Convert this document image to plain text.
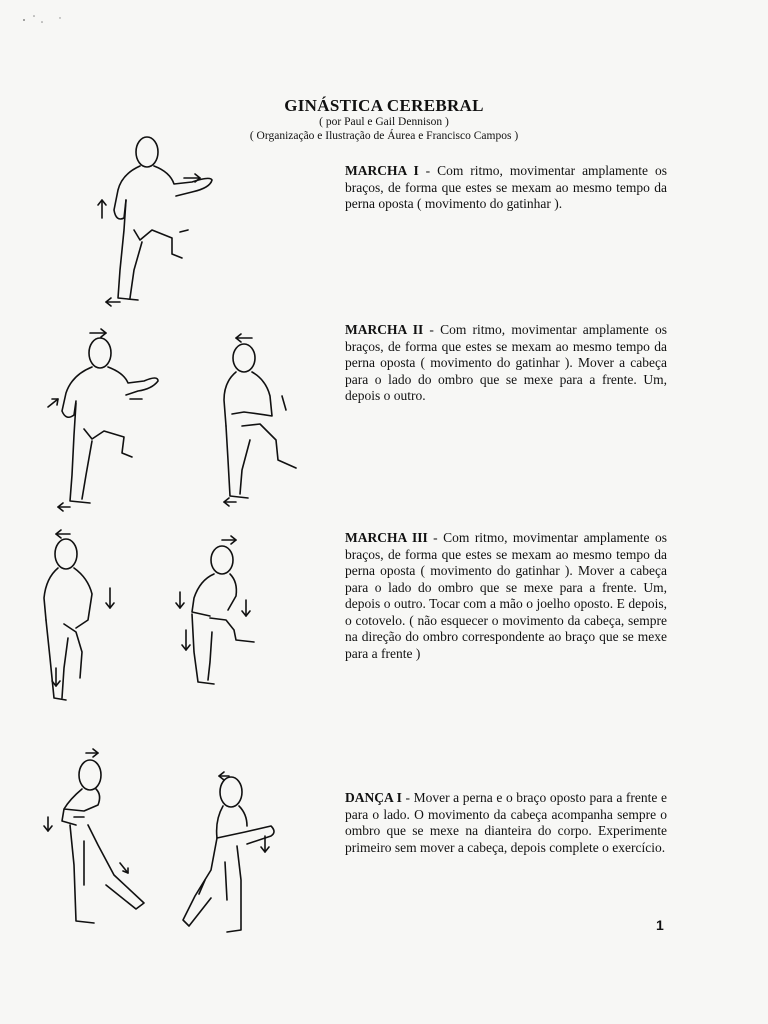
GINÁSTICA CEREBRAL
( por Paul e Gail Dennison )
( Organização e Ilustração de Áurea e Francisco Campos )
MARCHA I - Com ritmo, movimentar amplamente os braços, de forma que estes se mexam ao mesmo tempo da perna oposta ( movimento do gatinhar ).
MARCHA II - Com ritmo, movimentar amplamente os braços, de forma que estes se mexam ao mesmo tempo da perna oposta ( movimento do gatinhar ). Mover a cabeça para o lado do ombro que se mexe para a frente. Um, depois o outro.
MARCHA III - Com ritmo, movimentar amplamente os braços, de forma que estes se mexam ao mesmo tempo da perna oposta ( movimento do gatinhar ). Mover a cabeça para o lado do ombro que se mexe para a frente. Um, depois o outro. Tocar com a mão o joelho oposto. E depois, o cotovelo. ( não esquecer o movimento da cabeça, sempre na direção do ombro correspondente ao braço que se mexe para a frente )
DANÇA I - Mover a perna e o braço oposto para a frente e para o lado. O movimento da cabeça acompanha sempre o ombro que se mexe na dianteira do corpo. Experimente primeiro sem mover a cabeça, depois complete o exercício.
1
